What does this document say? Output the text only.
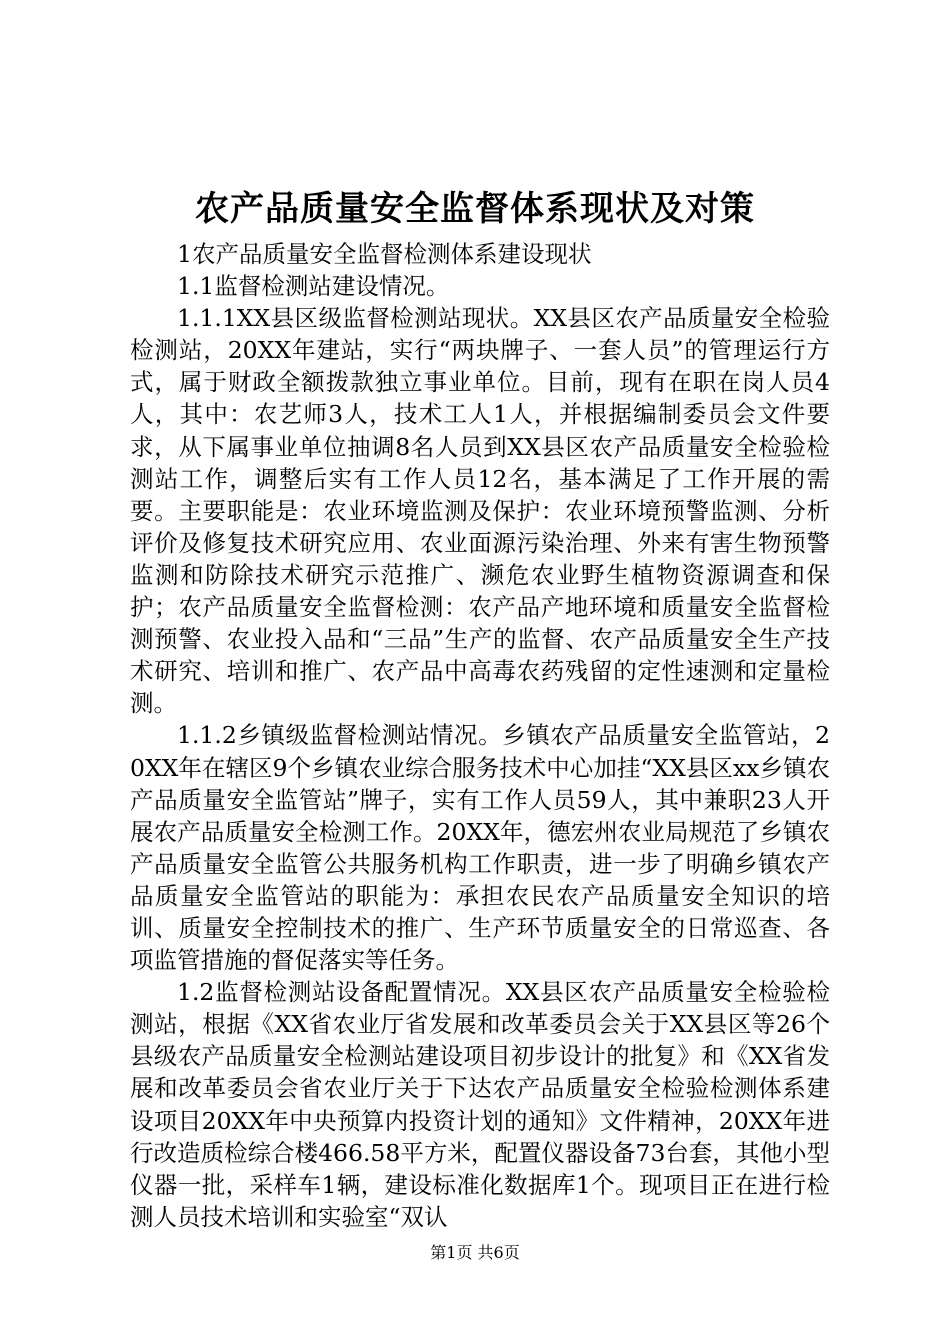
农产品质量安全监督体系现状及对策

1农产品质量安全监督检测体系建设现状

1.1监督检测站建设情况。

1.1.1XX县区级监督检测站现状。XX县区农产品质量安全检验检测站，20XX年建站，实行“两块牌子、一套人员”的管理运行方式，属于财政全额拨款独立事业单位。目前，现有在职在岗人员4人，其中：农艺师3人，技术工人1人，并根据编制委员会文件要求，从下属事业单位抽调8名人员到XX县区农产品质量安全检验检测站工作，调整后实有工作人员12名，基本满足了工作开展的需要。主要职能是：农业环境监测及保护：农业环境预警监测、分析评价及修复技术研究应用、农业面源污染治理、外来有害生物预警监测和防除技术研究示范推广、濒危农业野生植物资源调查和保护；农产品质量安全监督检测：农产品产地环境和质量安全监督检测预警、农业投入品和“三品”生产的监督、农产品质量安全生产技术研究、培训和推广、农产品中高毒农药残留的定性速测和定量检测。

1.1.2乡镇级监督检测站情况。乡镇农产品质量安全监管站，20XX年在辖区9个乡镇农业综合服务技术中心加挂“XX县区xx乡镇农产品质量安全监管站”牌子，实有工作人员59人，其中兼职23人开展农产品质量安全检测工作。20XX年，德宏州农业局规范了乡镇农产品质量安全监管公共服务机构工作职责，进一步了明确乡镇农产品质量安全监管站的职能为：承担农民农产品质量安全知识的培训、质量安全控制技术的推广、生产环节质量安全的日常巡查、各项监管措施的督促落实等任务。

1.2监督检测站设备配置情况。XX县区农产品质量安全检验检测站，根据《XX省农业厅省发展和改革委员会关于XX县区等26个县级农产品质量安全检测站建设项目初步设计的批复》和《XX省发展和改革委员会省农业厅关于下达农产品质量安全检验检测体系建设项目20XX年中央预算内投资计划的通知》文件精神，20XX年进行改造质检综合楼466.58平方米，配置仪器设备73台套，其他小型仪器一批，采样车1辆，建设标准化数据库1个。现项目正在进行检测人员技术培训和实验室“双认

第1页 共6页
